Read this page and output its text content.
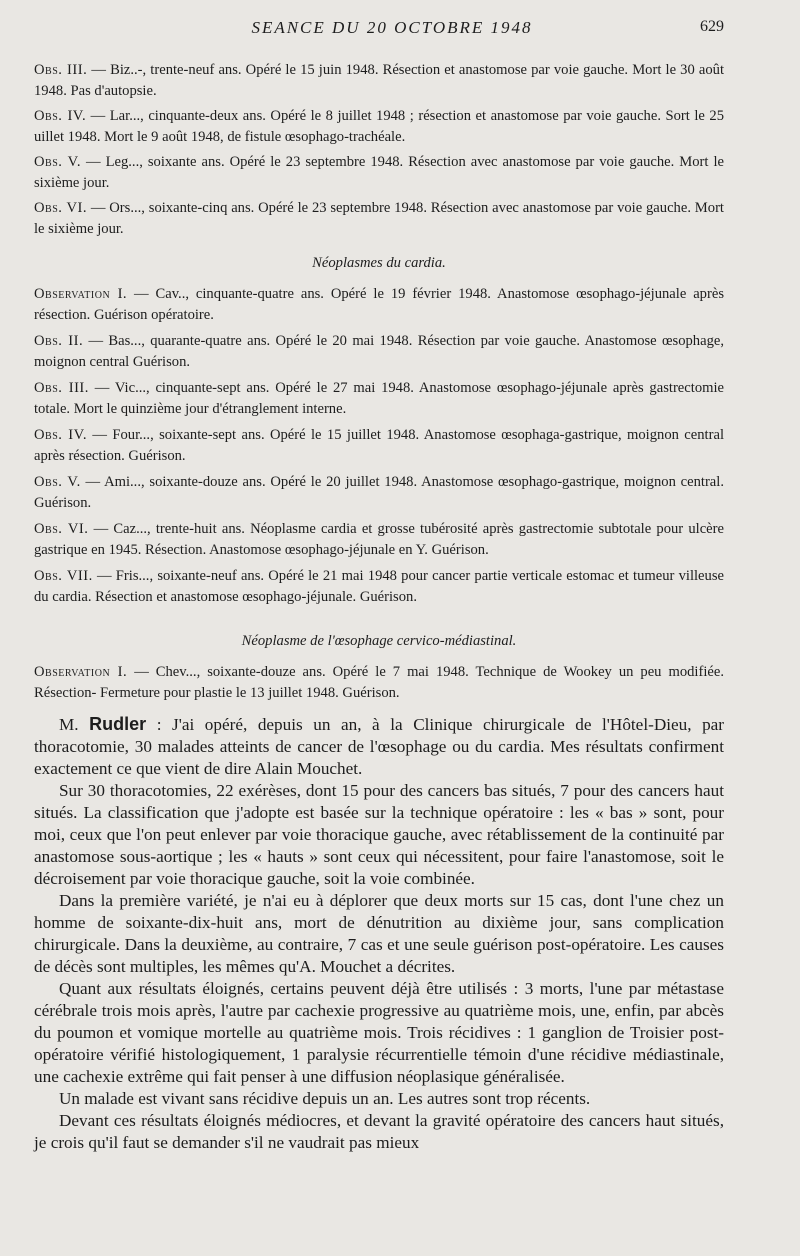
SEANCE DU 20 OCTOBRE 1948	629

Obs. III. — Biz..-, trente-neuf ans. Opéré le 15 juin 1948. Résection et anastomose par voie gauche. Mort le 30 août 1948. Pas d'autopsie.

Obs. IV. — Lar..., cinquante-deux ans. Opéré le 8 juillet 1948 ; résection et anastomose par voie gauche. Sort le 25 uillet 1948. Mort le 9 août 1948, de fistule œsophago-trachéale.

Obs. V. — Leg..., soixante ans. Opéré le 23 septembre 1948. Résection avec anastomose par voie gauche. Mort le sixième jour.

Obs. VI. — Ors..., soixante-cinq ans. Opéré le 23 septembre 1948. Résection avec anastomose par voie gauche. Mort le sixième jour.

Néoplasmes du cardia.

Observation I. — Cav.., cinquante-quatre ans. Opéré le 19 février 1948. Anastomose œsophago-jéjunale après résection. Guérison opératoire.

Obs. II. — Bas..., quarante-quatre ans. Opéré le 20 mai 1948. Résection par voie gauche. Anastomose œsophage, moignon central Guérison.

Obs. III. — Vic..., cinquante-sept ans. Opéré le 27 mai 1948. Anastomose œsophago-jéjunale après gastrectomie totale. Mort le quinzième jour d'étranglement interne.

Obs. IV. — Four..., soixante-sept ans. Opéré le 15 juillet 1948. Anastomose œsophaga-gastrique, moignon central après résection. Guérison.

Obs. V. — Ami..., soixante-douze ans. Opéré le 20 juillet 1948. Anastomose œsophago-gastrique, moignon central. Guérison.

Obs. VI. — Caz..., trente-huit ans. Néoplasme cardia et grosse tubérosité après gastrectomie subtotale pour ulcère gastrique en 1945. Résection. Anastomose œsophago-jéjunale en Y. Guérison.

Obs. VII. — Fris..., soixante-neuf ans. Opéré le 21 mai 1948 pour cancer partie verticale estomac et tumeur villeuse du cardia. Résection et anastomose œsophago-jéjunale. Guérison.

Néoplasme de l'œsophage cervico-médiastinal.

Observation I. — Chev..., soixante-douze ans. Opéré le 7 mai 1948. Technique de Wookey un peu modifiée. Résection- Fermeture pour plastie le 13 juillet 1948. Guérison.

M. Rudler : J'ai opéré, depuis un an, à la Clinique chirurgicale de l'Hôtel-Dieu, par thoracotomie, 30 malades atteints de cancer de l'œsophage ou du cardia. Mes résultats confirment exactement ce que vient de dire Alain Mouchet.

Sur 30 thoracotomies, 22 exérèses, dont 15 pour des cancers bas situés, 7 pour des cancers haut situés. La classification que j'adopte est basée sur la technique opératoire : les « bas » sont, pour moi, ceux que l'on peut enlever par voie thoracique gauche, avec rétablissement de la continuité par anastomose sous-aortique ; les « hauts » sont ceux qui nécessitent, pour faire l'anastomose, soit le décroisement par voie thoracique gauche, soit la voie combinée.

Dans la première variété, je n'ai eu à déplorer que deux morts sur 15 cas, dont l'une chez un homme de soixante-dix-huit ans, mort de dénutrition au dixième jour, sans complication chirurgicale. Dans la deuxième, au contraire, 7 cas et une seule guérison post-opératoire. Les causes de décès sont multiples, les mêmes qu'A. Mouchet a décrites.

Quant aux résultats éloignés, certains peuvent déjà être utilisés : 3 morts, l'une par métastase cérébrale trois mois après, l'autre par cachexie progressive au quatrième mois, une, enfin, par abcès du poumon et vomique mortelle au quatrième mois. Trois récidives : 1 ganglion de Troisier post-opératoire vérifié histologiquement, 1 paralysie récurrentielle témoin d'une récidive médiastinale, une cachexie extrême qui fait penser à une diffusion néoplasique généralisée.

Un malade est vivant sans récidive depuis un an. Les autres sont trop récents.

Devant ces résultats éloignés médiocres, et devant la gravité opératoire des cancers haut situés, je crois qu'il faut se demander s'il ne vaudrait pas mieux
